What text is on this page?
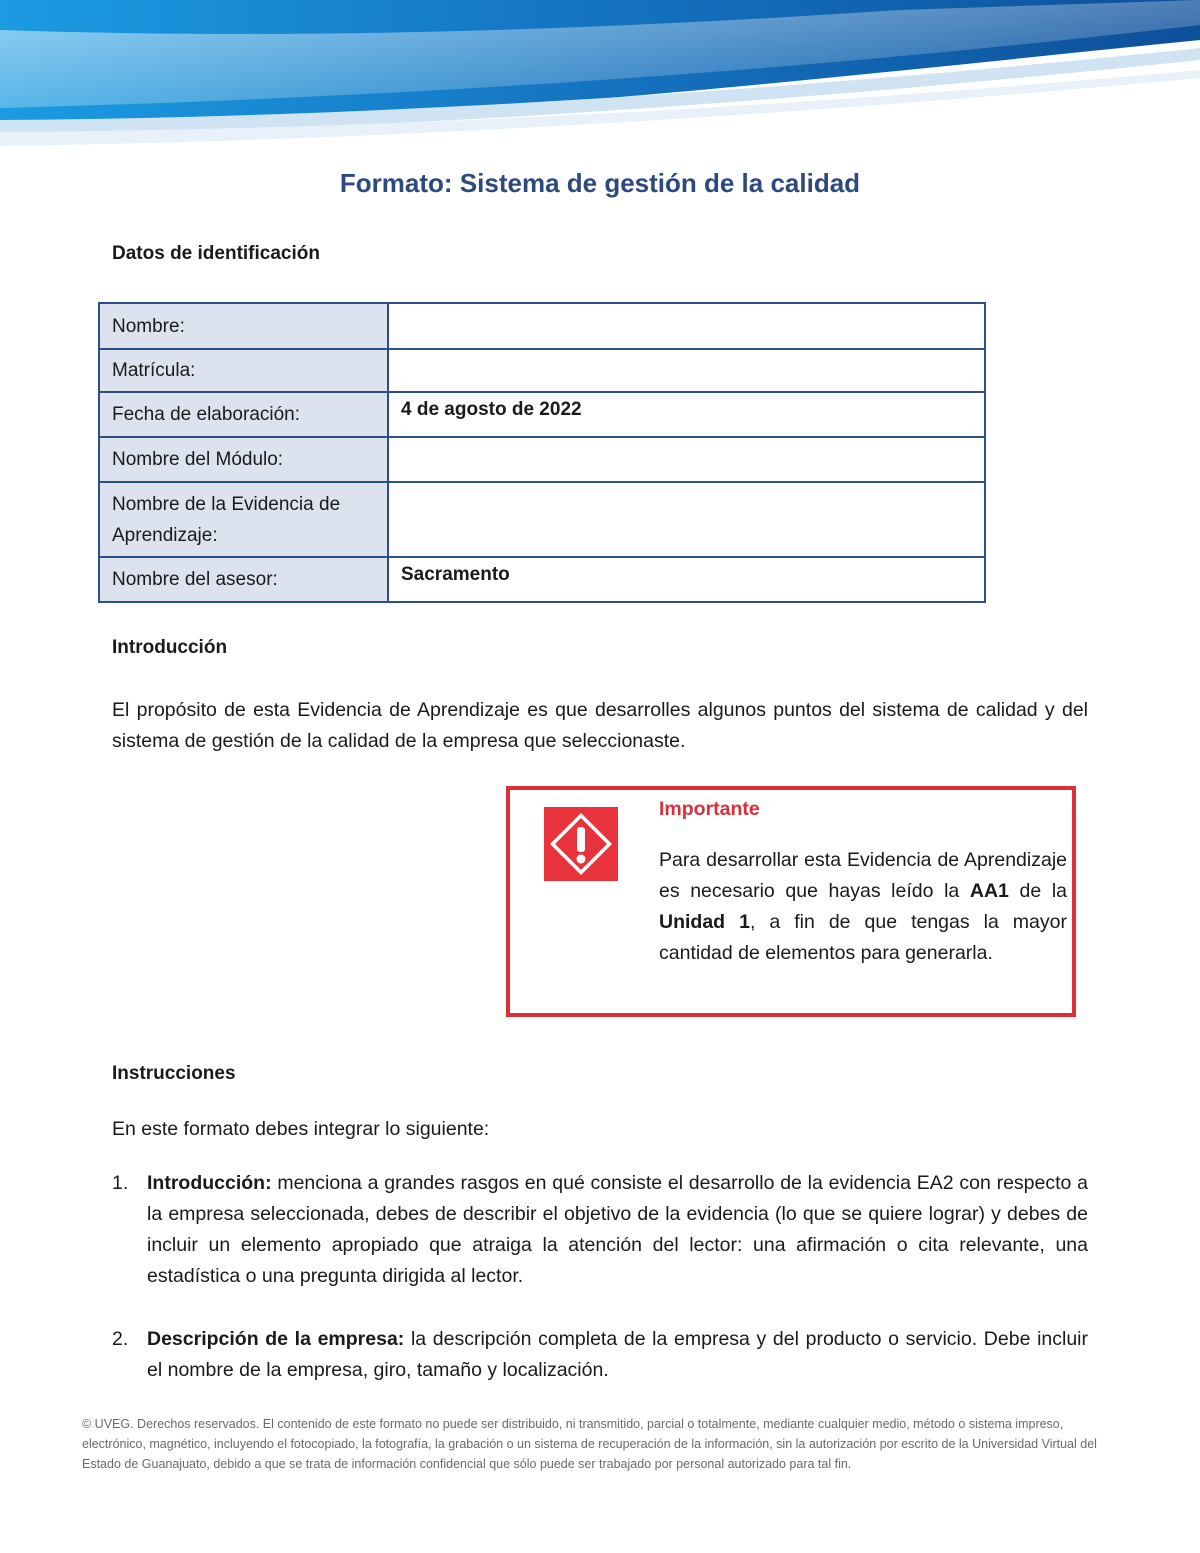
Formato: Sistema de gestión de la calidad
Datos de identificación
Nombre:	
Matrícula:	
Fecha de elaboración:	4 de agosto de 2022
Nombre del Módulo:	
Nombre de la Evidencia de Aprendizaje:	
Nombre del asesor:	Sacramento
Introducción

El propósito de esta Evidencia de Aprendizaje es que desarrolles algunos puntos del sistema de calidad y del sistema de gestión de la calidad de la empresa que seleccionaste.

Importante

Para desarrollar esta Evidencia de Aprendizaje es necesario que hayas leído la AA1 de la Unidad 1, a fin de que tengas la mayor cantidad de elementos para generarla.

Instrucciones

En este formato debes integrar lo siguiente:

1. Introducción: menciona a grandes rasgos en qué consiste el desarrollo de la evidencia EA2 con respecto a la empresa seleccionada, debes de describir el objetivo de la evidencia (lo que se quiere lograr) y debes de incluir un elemento apropiado que atraiga la atención del lector: una afirmación o cita relevante, una estadística o una pregunta dirigida al lector.
2. Descripción de la empresa: la descripción completa de la empresa y del producto o servicio. Debe incluir el nombre de la empresa, giro, tamaño y localización.

© UVEG. Derechos reservados. El contenido de este formato no puede ser distribuido, ni transmitido, parcial o totalmente, mediante cualquier medio, método o sistema impreso, electrónico, magnético, incluyendo el fotocopiado, la fotografía, la grabación o un sistema de recuperación de la información, sin la autorización por escrito de la Universidad Virtual del Estado de Guanajuato, debido a que se trata de información confidencial que sólo puede ser trabajado por personal autorizado para tal fin.
